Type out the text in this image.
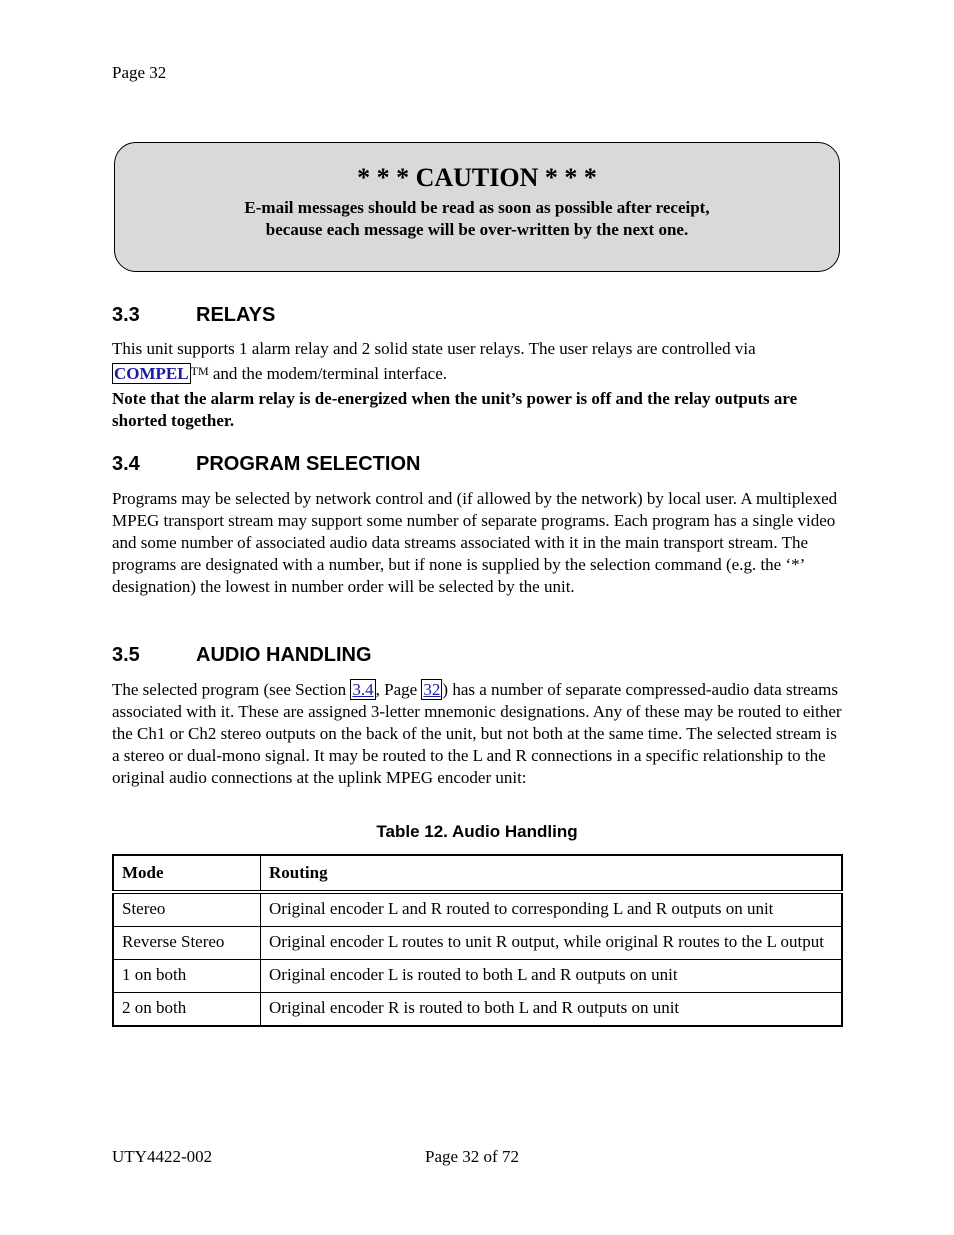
Page 32
* * * CAUTION * * *
E-mail messages should be read as soon as possible after receipt,
because each message will be over-written by the next one.
3.3	RELAYS
This unit supports 1 alarm relay and 2 solid state user relays. The user relays are controlled via
COMPEL ™ and the modem/terminal interface.
Note that the alarm relay is de-energized when the unit’s power is off and the relay outputs are shorted together.
3.4	PROGRAM SELECTION
Programs may be selected by network control and (if allowed by the network) by local user. A multiplexed MPEG transport stream may support some number of separate programs. Each program has a single video and some number of associated audio data streams associated with it in the main transport stream. The programs are designated with a number, but if none is supplied by the selection command (e.g. the ‘*’ designation) the lowest in number order will be selected by the unit.
3.5	AUDIO HANDLING
The selected program (see Section 3.4 , Page 32 ) has a number of separate compressed-audio data streams associated with it. These are assigned 3-letter mnemonic designations. Any of these may be routed to either the Ch1 or Ch2 stereo outputs on the back of the unit, but not both at the same time. The selected stream is a stereo or dual-mono signal. It may be routed to the L and R connections in a specific relationship to the original audio connections at the uplink MPEG encoder unit:
Table 12. Audio Handling
Mode	Routing
Stereo	Original encoder L and R routed to corresponding L and R outputs on unit
Reverse Stereo	Original encoder L routes to unit R output, while original R routes to the L output
1 on both	Original encoder L is routed to both L and R outputs on unit
2 on both	Original encoder R is routed to both L and R outputs on unit
UTY4422-002	Page 32 of 72
